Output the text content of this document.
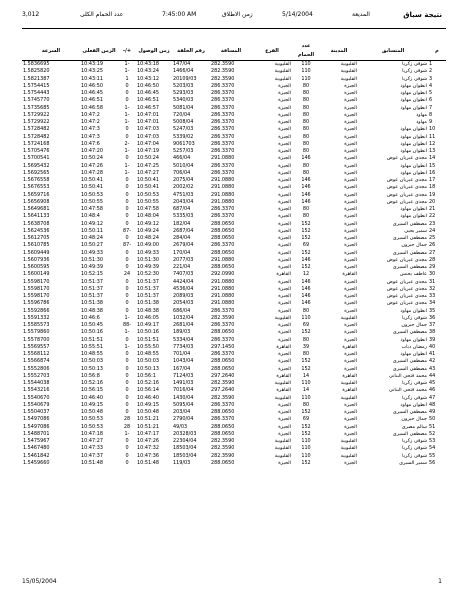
3,012	عدد الحمام الكلى	7:45:00 AM	زمن الاطلاق	5/14/2004	المديعة	نتيجة سباق
م	المتسابق	المدينة	عدد الحمام	الفرع	المسافة	رقم الحلقة	زمن الوصول	+/-	الزمن الفعلى	السرعة
1	شوقى زكريا	القليوبية	110	القليوبية	282.3590	147/04	10:43:18	-1	10:43:19	1.5836695
2	شوقى زكريا	القليوبية	110	القليوبية	282.3590	1466/04	10:43:24	-1	10:43:25	1.5825820
3	شوقى زكريا	القليوبية	110	القليوبية	282.3590	20109/03	10:43:12	1	10:43:11	1.5821387
4	انطوان مهاود	الجيزة	80	الجيزة	286.3370	5203/03	10:46:50	0	10:46:50	1.5754415
5	انطوان مهاود	الجيزة	80	الجيزة	286.3370	5293/03	10:46:45	0	10:46:45	1.5754443
6	انطوان مهاود	الجيزة	80	الجيزة	286.3370	5340/03	10:46:51	0	10:46:51	1.5745770
7	انطوان مهاود	الجيزة	80	الجيزة	286.3370	5081/04	10:46:57	-1	10:46:58	1.5735685
8	مهاود	الجيزة	80	الجيزة	286.3370	720/04	10:47:01	-1	10:47:2	1.5729922
9	مهاود	الجيزة	80	الجيزة	286.3370	5008/04	10:47:01	-1	10:47:2	1.5729922
10	انطوان مهاود	الجيزة	80	الجيزة	286.3370	5247/03	10:47:03	0	10:47:3	1.5728482
11	انطوان مهاود	الجيزة	80	الجيزة	286.3370	5339/02	10:47:03	0	10:47:3	1.5728482
12	انطوان مهاود	الجيزة	80	الجيزة	286.3370	9061703	10:47:04	-2	10:47:6	1.5724168
13	انطوان مهاود	الجيزة	80	الجيزة	286.3370	5257/03	10:47:19	-1	10:47:20	1.5705476
14	مجدى عبريان عوض	الجيزة	146	الجيزة	291.0880	466/04	10:50:24	0	10:50:24	1.5700541
15	انطوان مهاود	الجيزة	80	الجيزة	286.3370	5010/04	10:47:25	-1	10:47:26	1.5695432
16	انطوان مهاود	الجيزة	80	الجيزة	286.3370	706/04	10:47:27	-1	10:47:28	1.5692565
17	مجدى عبريان عوض	الجيزة	146	الجيزة	291.0880	2075/04	10:50:41	0	10:50:41	1.5676558
18	مجدى عبريان عوض	الجيزة	146	الجيزة	291.0880	2002/02	10:50:41	0	10:50:41	1.5676553
19	مجدى عبريان عوض	الجيزة	146	الجيزة	291.0880	4751/03	10:50:53	0	10:50:53	1.5659716
20	مجدى عبريان عوض	الجيزة	146	الجيزة	291.0880	2043/04	10:50:55	0	10:50:55	1.5656908
21	انطوان مهاود	الجيزة	80	الجيزة	286.3370	687/04	10:47:58	0	10:47:58	1.5649681
22	انطوان مهاود	الجيزة	80	الجيزة	286.3370	5335/03	10:48:04	0	10:48:4	1.5641133
23	مصطفى السيرى	الجيزة	152	الجيزة	288.0650	182/04	10:49:12	0	10:49:12	1.5638708
24	سمير يحيى	الجيزة	152	الجيزة	288.0650	2687/04	10:49:24	-87	10:50:11	1.5624536
25	مصطفى السيرى	الجيزة	152	الجيزة	288.0650	284/04	10:48:24	0	10:48:24	1.5612705
26	جمال حبرون	الجيزة	69	الجيزة	286.3370	2679/04	10:49:00	-87	10:50:27	1.5610785
27	مصطفى السيرى	الجيزة	152	الجيزة	288.0650	170/04	10:49:33	0	10:49:33	1.5609449
28	مجدى عبريان عوض	الجيزة	146	الجيزة	291.0880	2077/03	10:51:30	0	10:51:30	1.5607936
29	مصطفى السيرى	الجيزة	152	الجيزة	288.0650	221/04	10:49:39	0	10:49:39	1.5600595
30	عاطف بحنس	القاهرة	12	القاهرة	292.0990	7407/03	10:52:30	24	10:52:15	1.5600149
31	مجدى عبريان عوض	الجيزة	146	الجيزة	291.0880	4424/04	10:51:37	0	10:51:37	1.5598170
32	مجدى عبريان عوض	الجيزة	146	الجيزة	291.0880	4536/04	10:51:37	0	10:51:37	1.5598170
33	مجدى عبريان عوض	الجيزة	146	الجيزة	291.0880	2089/03	10:51:37	0	10:51:37	1.5598170
34	مجدى عبريان عوض	الجيزة	146	الجيزة	291.0880	2054/03	10:51:38	0	10:51:38	1.5596786
35	انطوان مهاود	الجيزة	80	الجيزة	286.3370	686/04	10:48:38	0	10:48:38	1.5592866
36	شوقى زكريا	القليوبية	110	القليوبية	282.3590	1032/04	10:46:05	-1	10:46:6	1.5591332
37	جمال حبرون	الجيزة	69	الجيزة	286.3370	2681/04	10:49:17	-88	10:50:45	1.5585573
38	مصطفى السيرى	الجيزة	152	الجيزة	288.0650	189/03	10:50:16	-1	10:50:16	1.5579860
39	انطوان مهاود	الجيزة	80	الجيزة	286.3370	5334/04	10:51:51	0	10:51:51	1.5578700
40	رمضان دياب	القاهرة	39	القاهرة	297.1450	7734/03	10:55:50	-1	10:55:51	1.5569557
41	انطوان مهاود	الجيزة	80	الجيزة	286.3370	701/04	10:48:55	0	10:48:55	1.5568112
42	مصطفى السيرى	الجيزة	152	الجيزة	288.0650	1043/04	10:50:03	0	10:50:03	1.5566874
43	مصطفى السيرى	الجيزة	152	الجيزة	288.0650	167/04	10:50:13	0	10:50:13	1.5552806
44	محمد فتحى البنانى	القاهرة	14	القاهرة	297.2640	7124/03	10:56:1	0	10:56:8	1.5552703
45	شوقى زكريا	القليوبية	110	القليوبية	282.3590	1491/03	10:52:16	0	10:52:16	1.5544038
46	محمد فتحى البنانى	القاهرة	14	القاهرة	297.2640	7016/04	10:56:14	0	10:56:15	1.5543216
47	شوقى زكريا	القليوبية	110	القليوبية	282.3590	1430/04	10:46:40	0	10:46:40	1.5540670
48	انطوان مهاود	الجيزة	80	الجيزة	286.3370	5095/04	10:49:15	0	10:49:15	1.5540679
49	مصطفى السيرى	الجيزة	152	الجيزة	288.0650	203/04	10:50:48	0	10:50:48	1.5504037
50	جمال حبرون	الجيزة	69	الجيزة	286.3370	2790/04	10:51:21	28	10:50:53	1.5497086
51	سالم مصرى	الجيزة	152	الجيزة	288.0650	49/03	10:51:21	28	10:50:53	1.5497086
52	مصطفى السيرى	الجيزة	152	الجيزة	288.0650	20328/03	10:47:17	-1	10:47:18	1.5488701
53	شوقى زكريا	القليوبية	110	القليوبية	282.3590	22304/04	10:47:26	0	10:47:27	1.5475967
54	شوقى زكريا	القليوبية	110	القليوبية	282.3590	18503/04	10:47:32	0	10:47:33	1.5467480
55	شوقى زكريا	القليوبية	110	القليوبية	282.3590	18503/04	10:47:36	0	10:47:37	1.5461842
56	سمير السيرى	الجيزة	152	الجيزة	288.0650	119/03	10:51:48	0	10:51:48	1.5459660
15/05/2004	1
